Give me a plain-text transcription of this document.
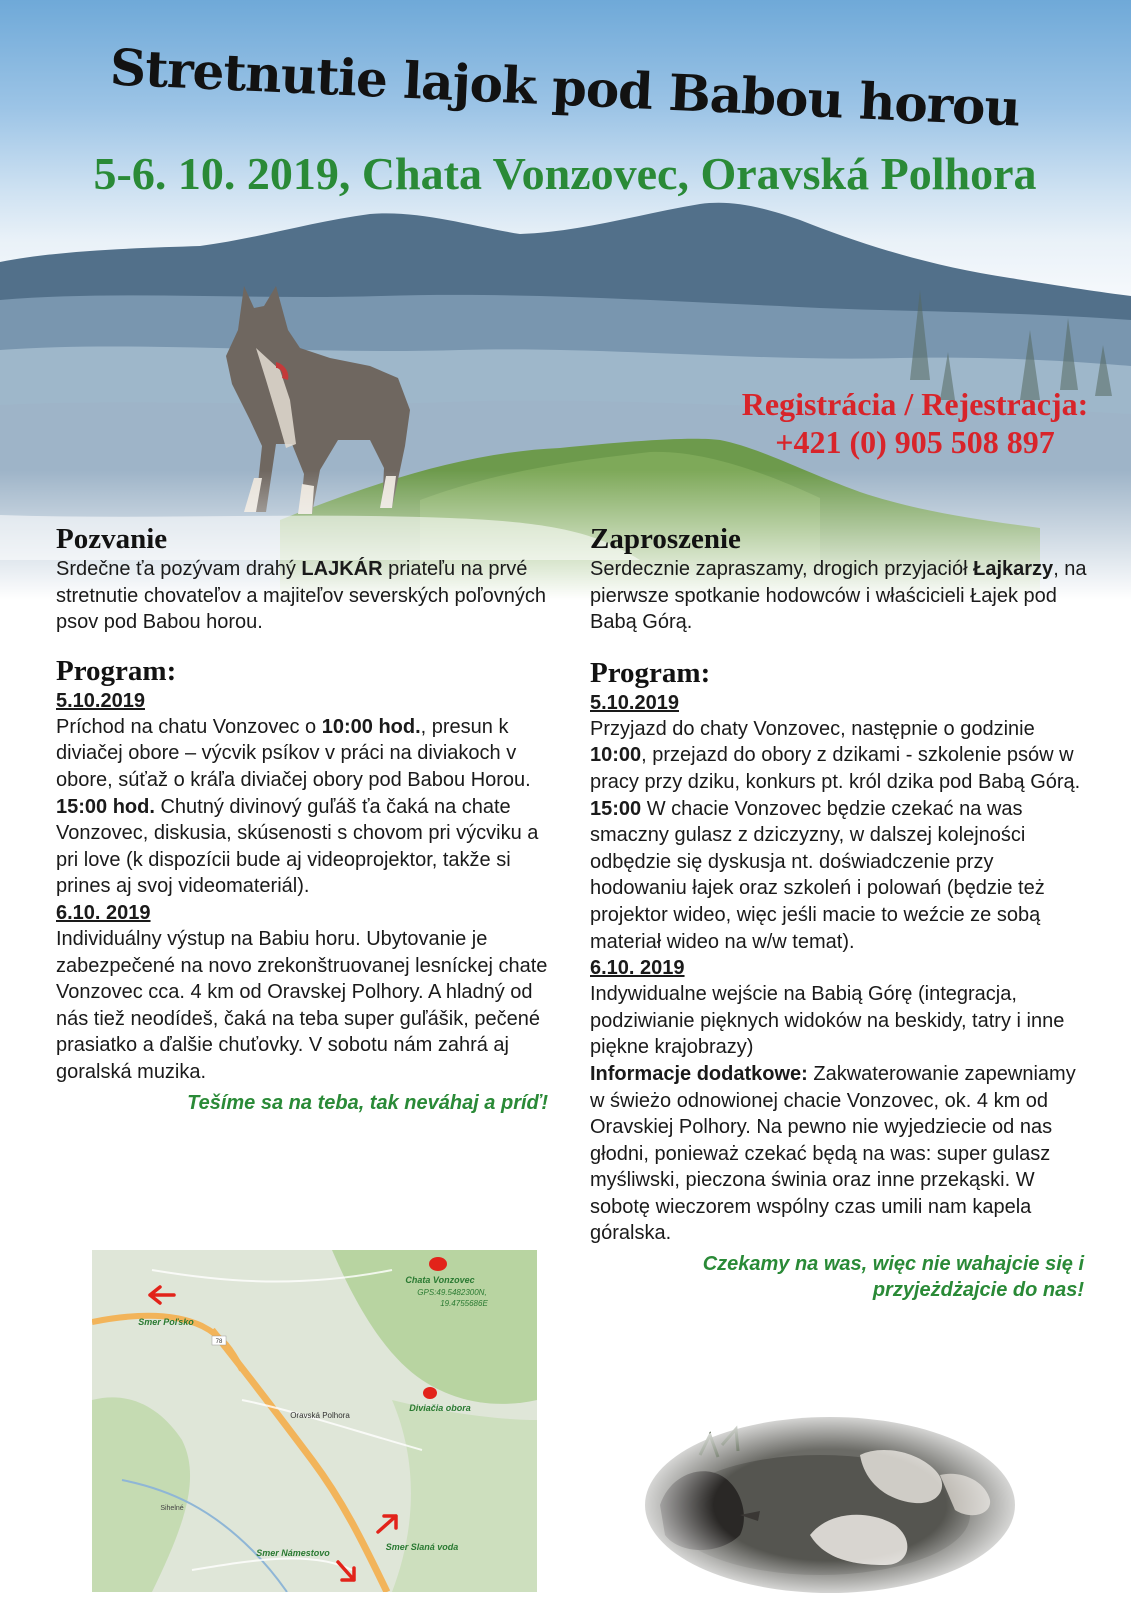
Stretnutie lajok pod Babou horou
5-6. 10. 2019, Chata Vonzovec, Oravská Polhora
Registrácia / Rejestracja:
+421 (0) 905 508 897
Pozvanie

Srdečne ťa pozývam drahý LAJKÁR priateľu na prvé stretnutie chovateľov a majiteľov severských poľovných psov pod Babou horou.

Program:

5.10.2019

Príchod na chatu Vonzovec o 10:00 hod., presun k diviačej obore – výcvik psíkov v práci na diviakoch v obore, súťaž o kráľa diviačej obory pod Babou Horou.
15:00 hod. Chutný divinový guľáš ťa čaká na chate Vonzovec, diskusia, skúsenosti s chovom pri výcviku a pri love (k dispozícii bude aj videoprojektor, takže si prines aj svoj videomateriál).

6.10. 2019

Individuálny výstup na Babiu horu. Ubytovanie je zabezpečené na novo zrekonštruovanej lesníckej chate Vonzovec cca. 4 km od Oravskej Polhory. A hladný od nás tiež neodídeš, čaká na teba super guľášik, pečené prasiatko a ďalšie chuťovky. V sobotu nám zahrá aj goralská muzika.

Tešíme sa na teba, tak neváhaj a príď!
Zaproszenie

Serdecznie zapraszamy, drogich przyjaciół Łajkarzy, na pierwsze spotkanie hodowców i właścicieli Łajek pod Babą Górą.

Program:

5.10.2019

Przyjazd do chaty Vonzovec, następnie o godzinie 10:00, przejazd do obory z dzikami - szkolenie psów w pracy przy dziku, konkurs pt. król dzika pod Babą Górą.
15:00 W chacie Vonzovec będzie czekać na was smaczny gulasz z dziczyzny, w dalszej kolejności odbędzie się dyskusja nt. doświadczenie przy hodowaniu łajek oraz szkoleń i polowań (będzie też projektor wideo, więc jeśli macie to weźcie ze sobą materiał wideo na w/w temat).

6.10. 2019

Indywidualne wejście na Babią Górę (integracja, podziwianie pięknych widoków na beskidy, tatry i inne piękne krajobrazy)
Informacje dodatkowe: Zakwaterowanie zapewniamy w świeżo odnowionej chacie Vonzovec, ok. 4 km od Oravskiej Polhory. Na pewno nie wyjedziecie od nas głodni, ponieważ czekać będą na was: super gulasz myśliwski, pieczona świnia oraz inne przekąski. W sobotę wieczorem wspólny czas umili nam kapela góralska.

Czekamy na was, więc nie wahajcie się i przyjeżdżajcie do nas!
Chata Vonzovec
GPS:49.5482300N,
19.4755686E
Diviačia obora
Oravská Polhora
Smer Poľsko
Smer Námestovo
Smer Slaná voda
Sihelné
78
